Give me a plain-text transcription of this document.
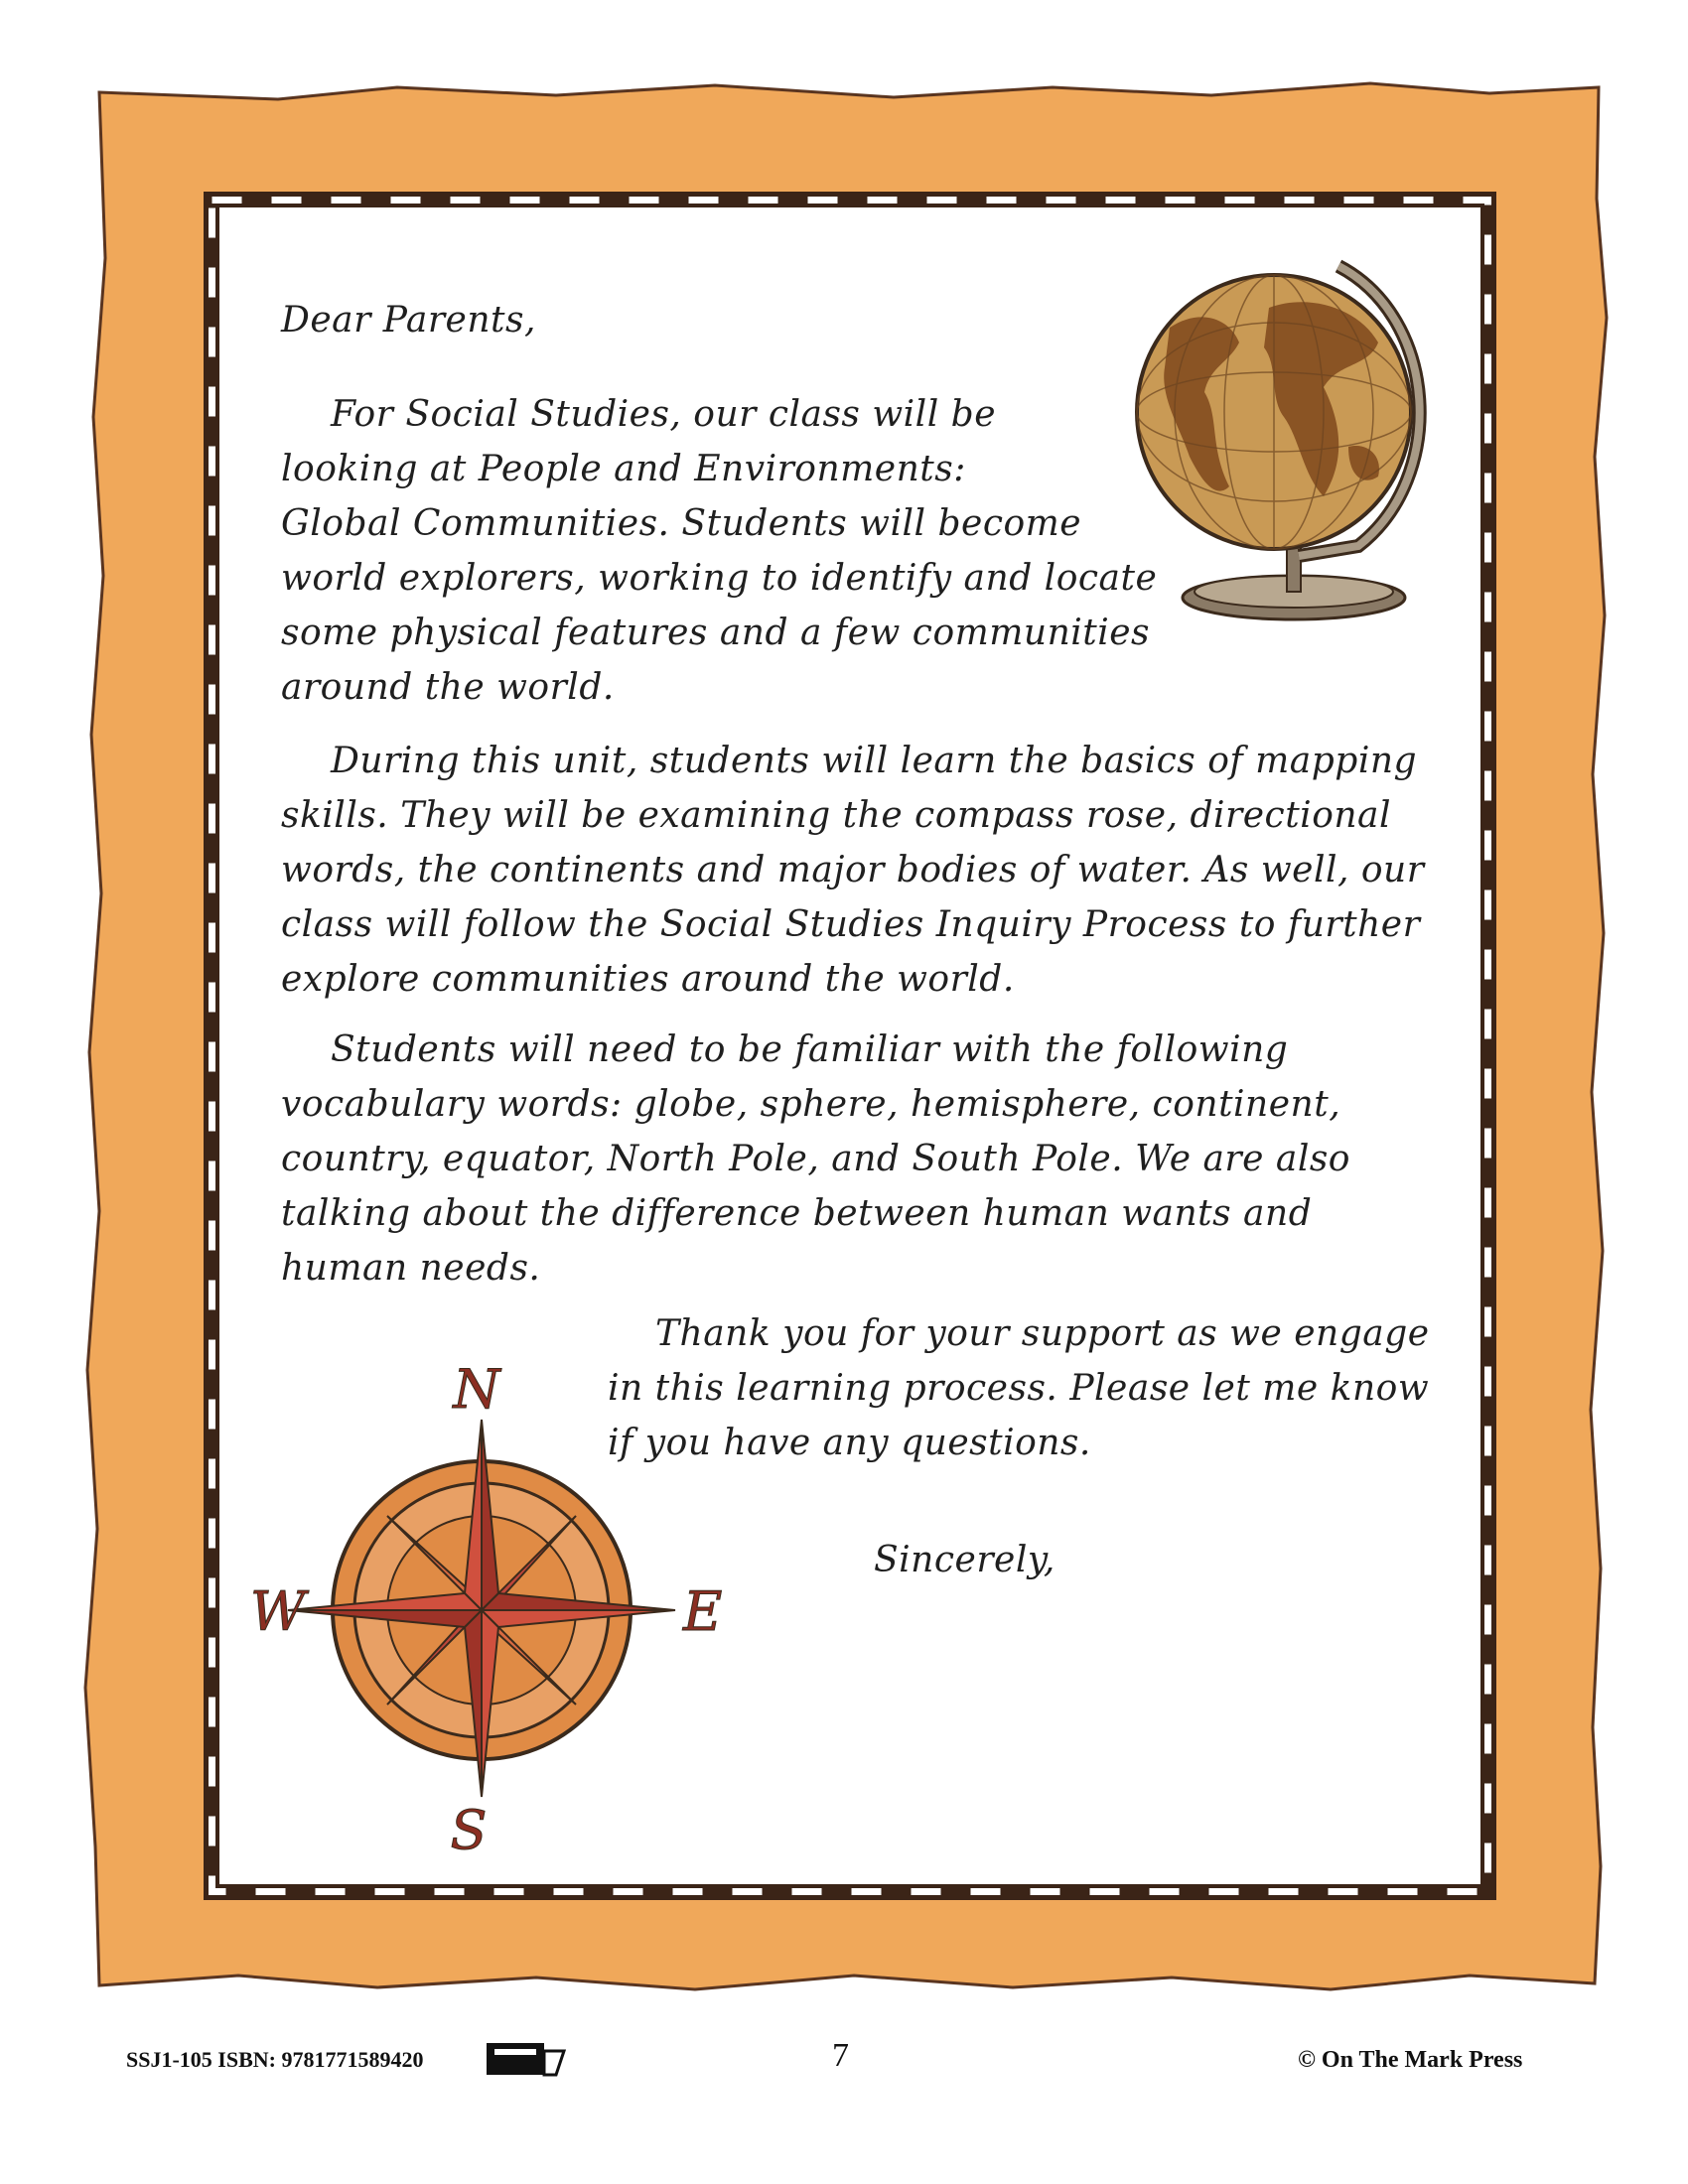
Dear Parents,
For Social Studies, our class will be
looking at People and Environments:
Global Communities. Students will become
world explorers, working to identify and locate
some physical features and a few communities
around the world.
During this unit, students will learn the basics of mapping
skills. They will be examining the compass rose, directional
words, the continents and major bodies of water. As well, our
class will follow the Social Studies Inquiry Process to further
explore communities around the world.
Students will need to be familiar with the following
vocabulary words: globe, sphere, hemisphere, continent,
country, equator, North Pole, and South Pole. We are also
talking about the difference between human wants and
human needs.
Thank you for your support as we engage
in this learning process. Please let me know
if you have any questions.
Sincerely,
N
S
W	E
SSJ1-105 ISBN: 9781771589420	7	© On The Mark Press
